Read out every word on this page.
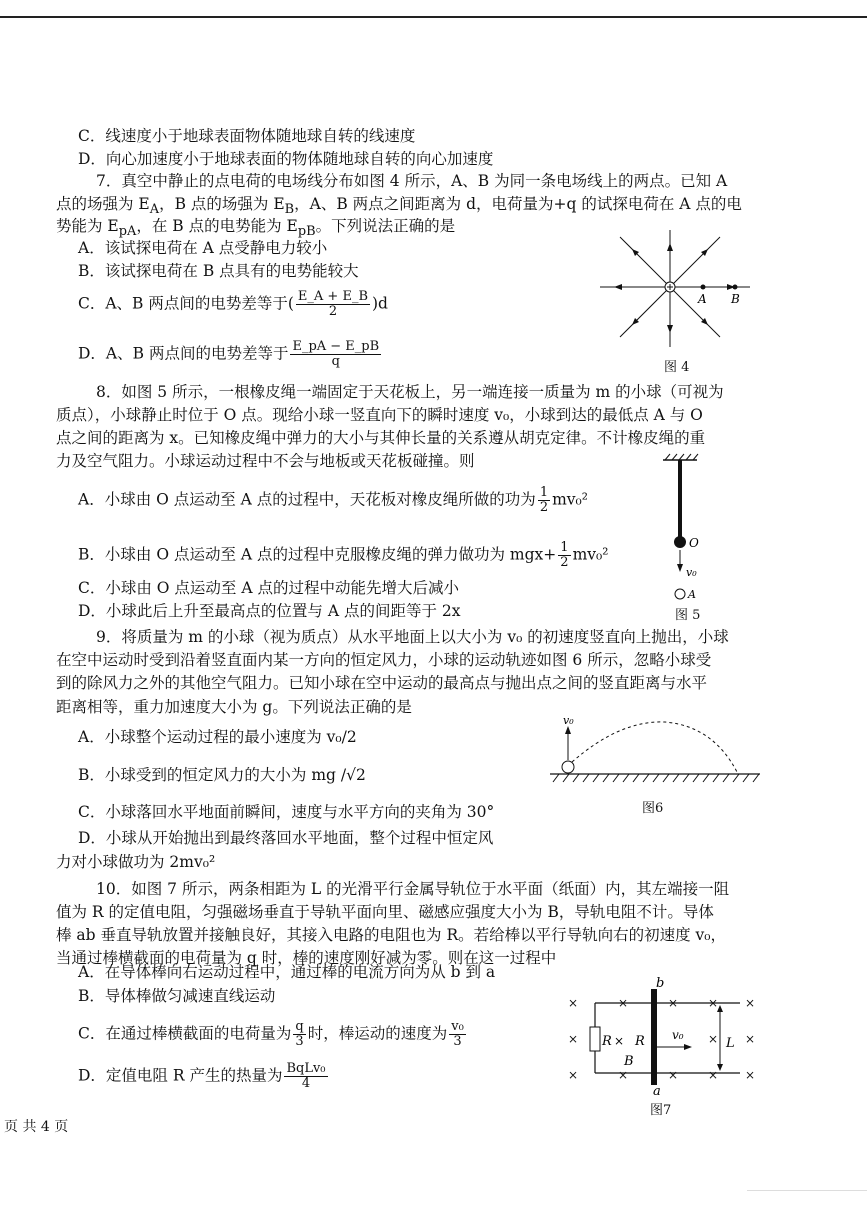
C．线速度小于地球表面物体随地球自转的线速度
D．向心加速度小于地球表面的物体随地球自转的向心加速度
7．真空中静止的点电荷的电场线分布如图 4 所示，A、B 为同一条电场线上的两点。已知 A
点的场强为 $E_A$，B 点的场强为 $E_B$，A、B 两点之间距离为 d，电荷量为+q 的试探电荷在 A 点的电
势能为 $E_{pA}$，在 B 点的电势能为 $E_{pB}$。下列说法正确的是
A．该试探电荷在 A 点受静电力较小
B．该试探电荷在 B 点具有的电势能较大
C．A、B 两点间的电势差等于( $\frac{E\_A + E\_B}{2} )d$
D．A、B 两点间的电势差等于 $\frac{E\_pA - E\_pB}{q}$
A B
图 4
8．如图 5 所示，一根橡皮绳一端固定于天花板上，另一端连接一质量为 m 的小球（可视为
质点），小球静止时位于 O 点。现给小球一竖直向下的瞬时速度 v₀，小球到达的最低点 A 与 O
点之间的距离为 x。已知橡皮绳中弹力的大小与其伸长量的关系遵从胡克定律。不计橡皮绳的重
力及空气阻力。小球运动过程中不会与地板或天花板碰撞。则
A．小球由 O 点运动至 A 点的过程中，天花板对橡皮绳所做的功为 $\frac{1}{2} mv_0^2$
B．小球由 O 点运动至 A 点的过程中克服橡皮绳的弹力做功为 $mgx+ \frac{1}{2} mv_0^2$
C．小球由 O 点运动至 A 点的过程中动能先增大后减小
D．小球此后上升至最高点的位置与 A 点的间距等于 2x
O
v₀
A
图 5
9．将质量为 m 的小球（视为质点）从水平地面上以大小为 v₀ 的初速度竖直向上抛出，小球
在空中运动时受到沿着竖直面内某一方向的恒定风力，小球的运动轨迹如图 6 所示，忽略小球受
到的除风力之外的其他空气阻力。已知小球在空中运动的最高点与抛出点之间的竖直距离与水平
距离相等，重力加速度大小为 g。下列说法正确的是
A．小球整个运动过程的最小速度为 v₀/2
B．小球受到的恒定风力的大小为 mg /√2
C．小球落回水平地面前瞬间，速度与水平方向的夹角为 30°
D．小球从开始抛出到最终落回水平地面，整个过程中恒定风
力对小球做功为 2mv₀²
v₀
图6
10．如图 7 所示，两条相距为 L 的光滑平行金属导轨位于水平面（纸面）内，其左端接一阻
值为 R 的定值电阻，匀强磁场垂直于导轨平面向里、磁感应强度大小为 B，导轨电阻不计。导体
棒 ab 垂直导轨放置并接触良好，其接入电路的电阻也为 R。若给棒以平行导轨向右的初速度 v₀，
当通过棒横截面的电荷量为 q 时，棒的速度刚好减为零。则在这一过程中
A．在导体棒向右运动过程中，通过棒的电流方向为从 b 到 a
B．导体棒做匀减速直线运动
C．在通过棒横截面的电荷量为 $\frac{q}{3}$ 时，棒运动的速度为 $\frac{\text{v₀}}{3}$
D．定值电阻 R 产生的热量为 $\frac{\text{BqLv₀}}{4}$
×	×	× × ×
×	× ×
×	×	× × ×
R ×
b
a
R
B
v₀
L
图7
页 共 4 页
